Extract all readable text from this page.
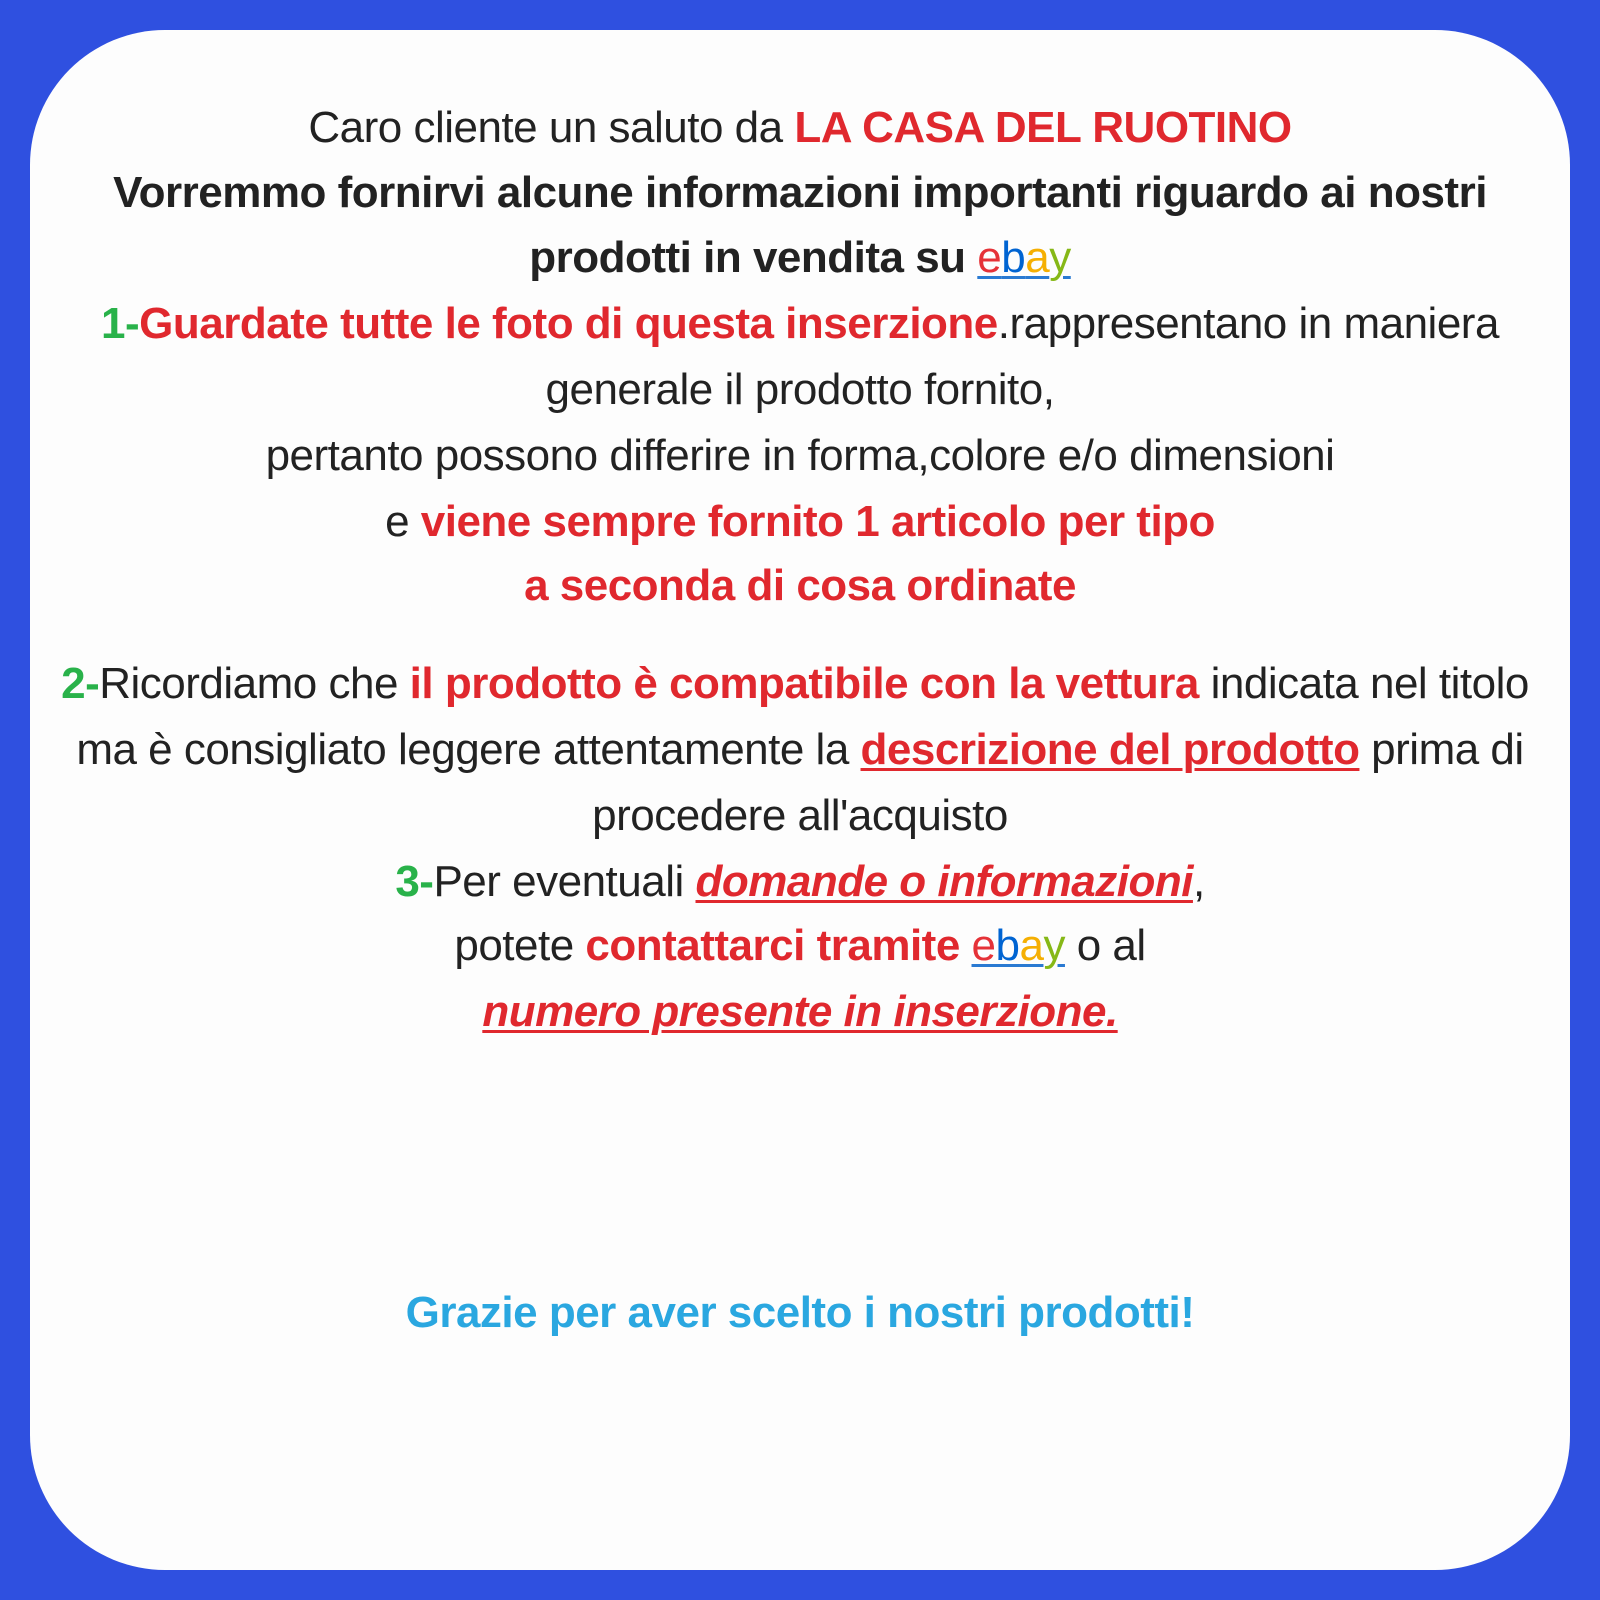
Caro cliente un saluto da LA CASA DEL RUOTINO
Vorremmo fornirvi alcune informazioni importanti riguardo ai nostri
prodotti in vendita su ebay
1-Guardate tutte le foto di questa inserzione.rappresentano in maniera
generale il prodotto fornito,
pertanto possono differire in forma,colore e/o dimensioni
e viene sempre fornito 1 articolo per tipo
a seconda di cosa ordinate
2-Ricordiamo che il prodotto è compatibile con la vettura indicata nel titolo
ma è consigliato leggere attentamente la descrizione del prodotto prima di
procedere all'acquisto
3-Per eventuali domande o informazioni,
potete contattarci tramite ebay o al
numero presente in inserzione.
Grazie per aver scelto i nostri prodotti!
